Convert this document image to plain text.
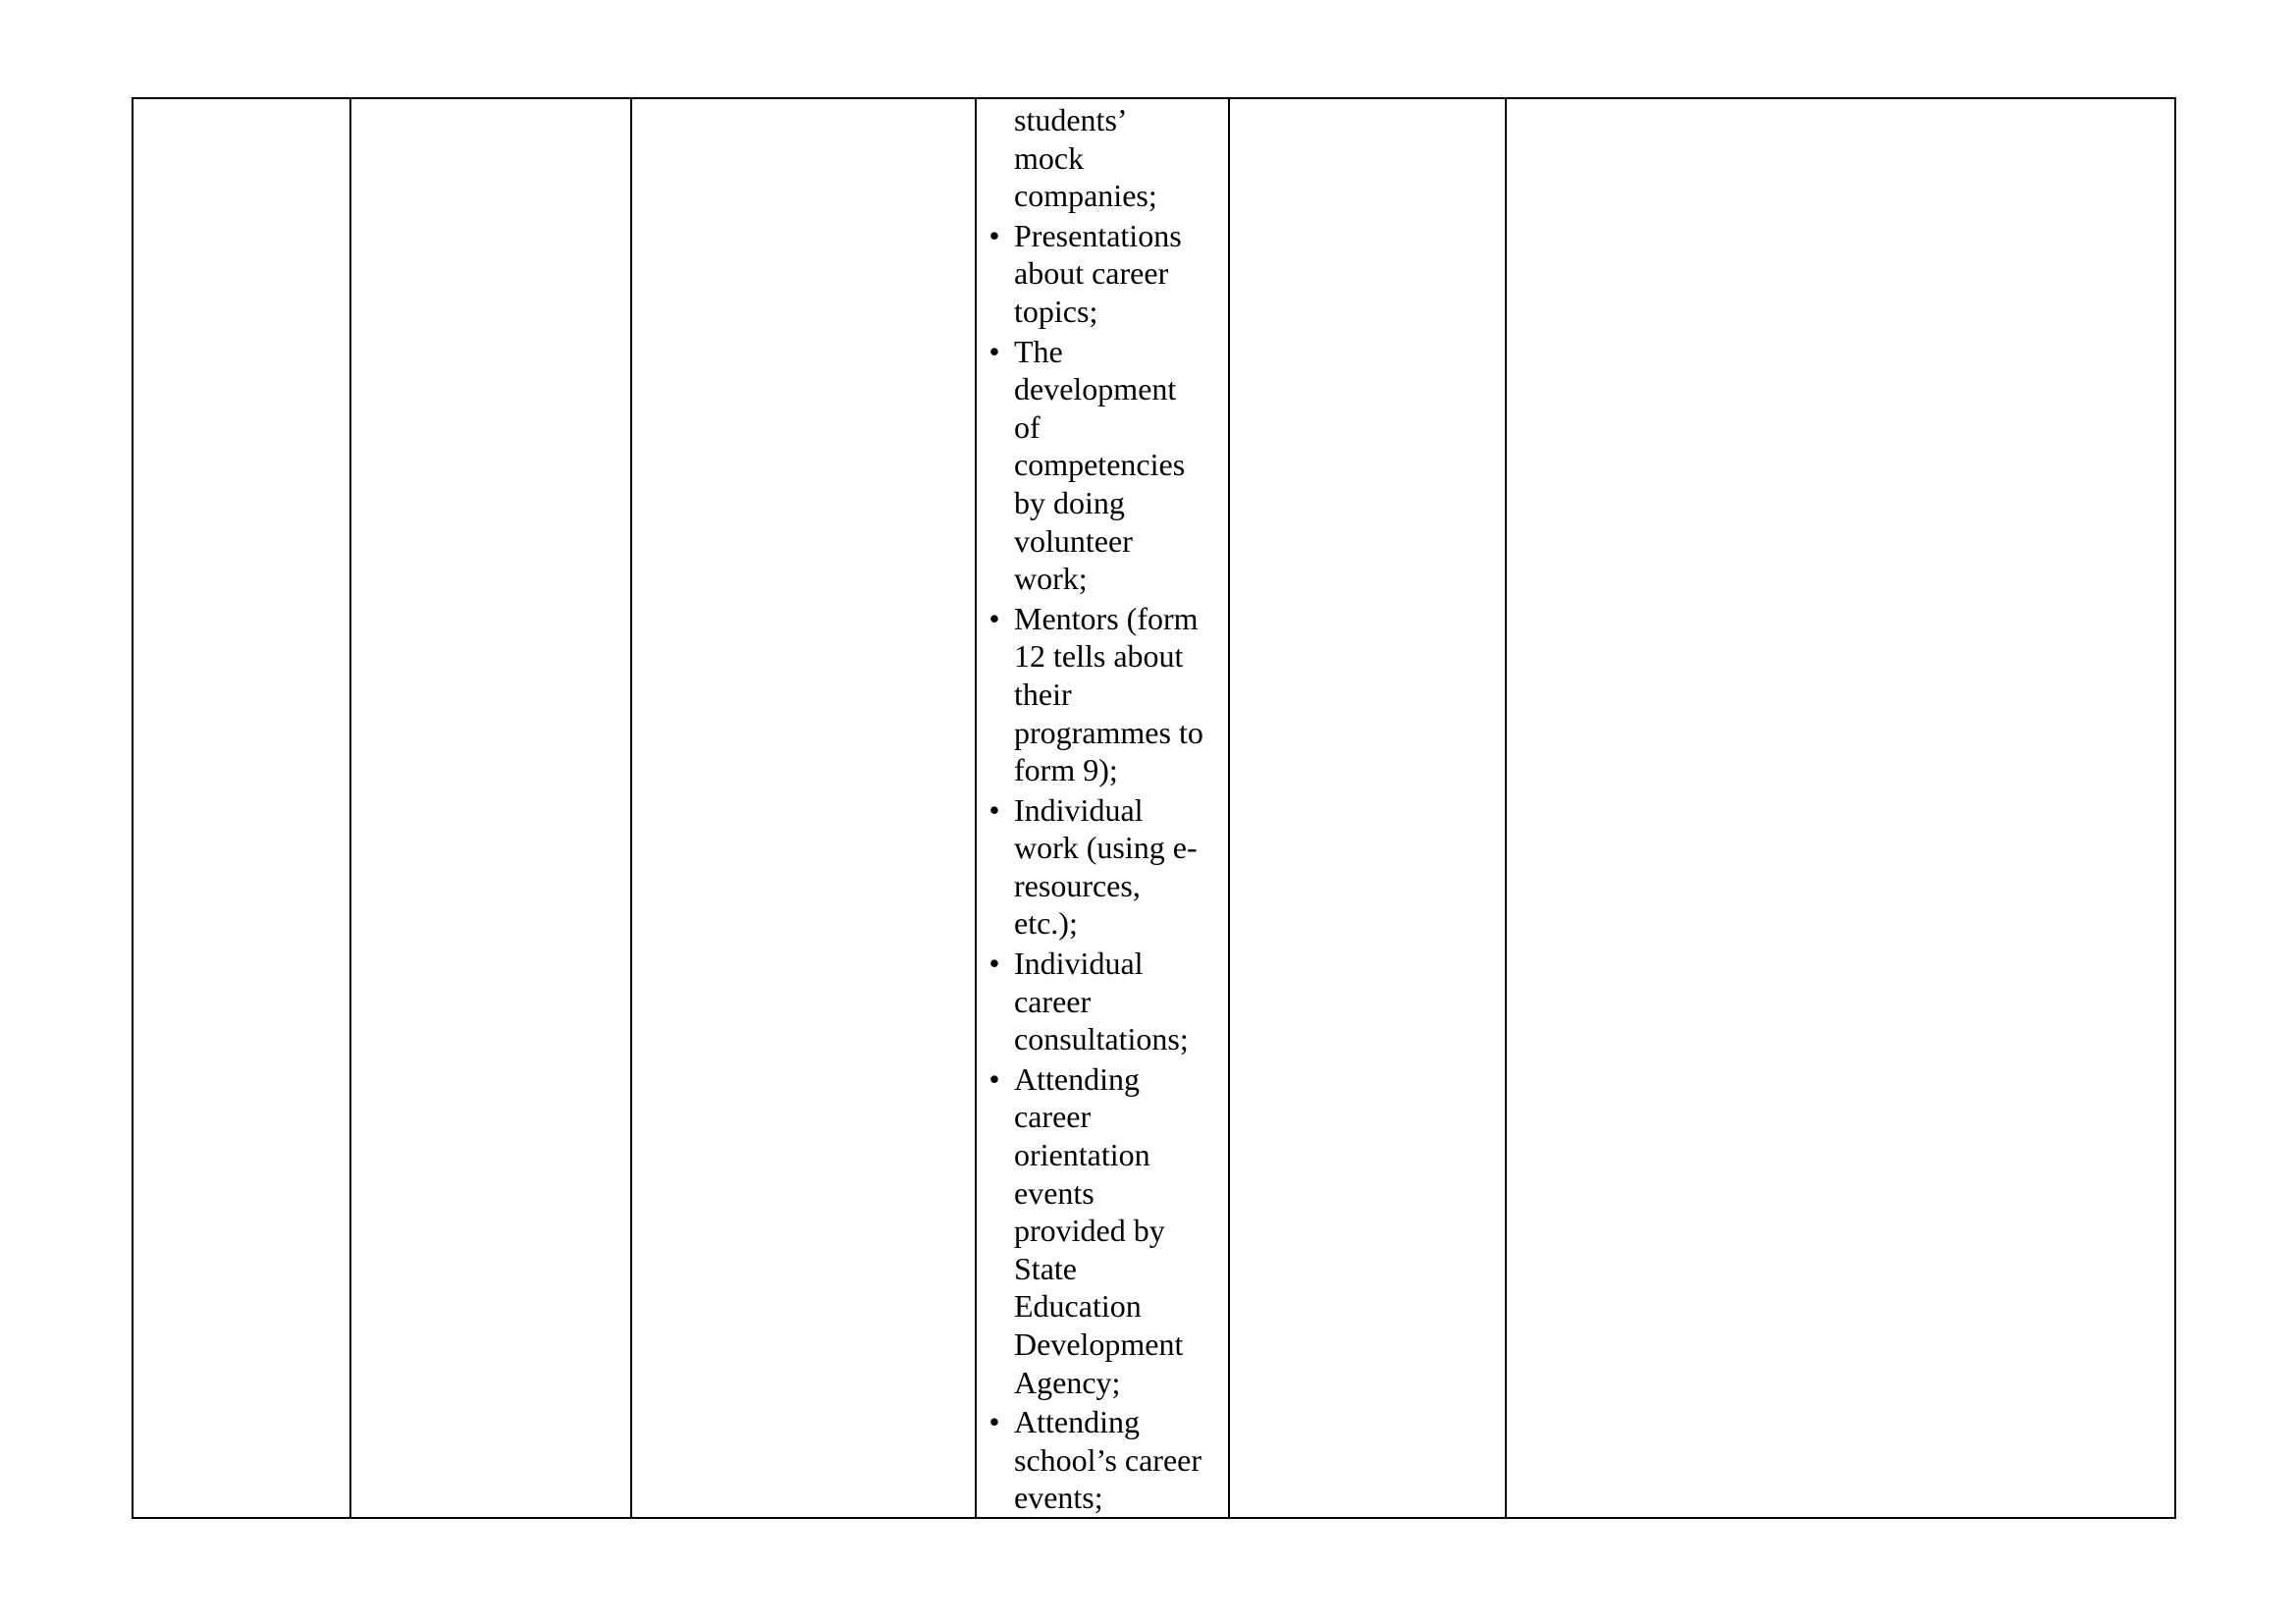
students’
mock
companies;
• Presentations
about career
topics;
• The
development
of
competencies
by doing
volunteer
work;
• Mentors (form
12 tells about
their
programmes to
form 9);
• Individual
work (using e-
resources,
etc.);
• Individual
career
consultations;
• Attending
career
orientation
events
provided by
State
Education
Development
Agency;
• Attending
school’s career
events;
